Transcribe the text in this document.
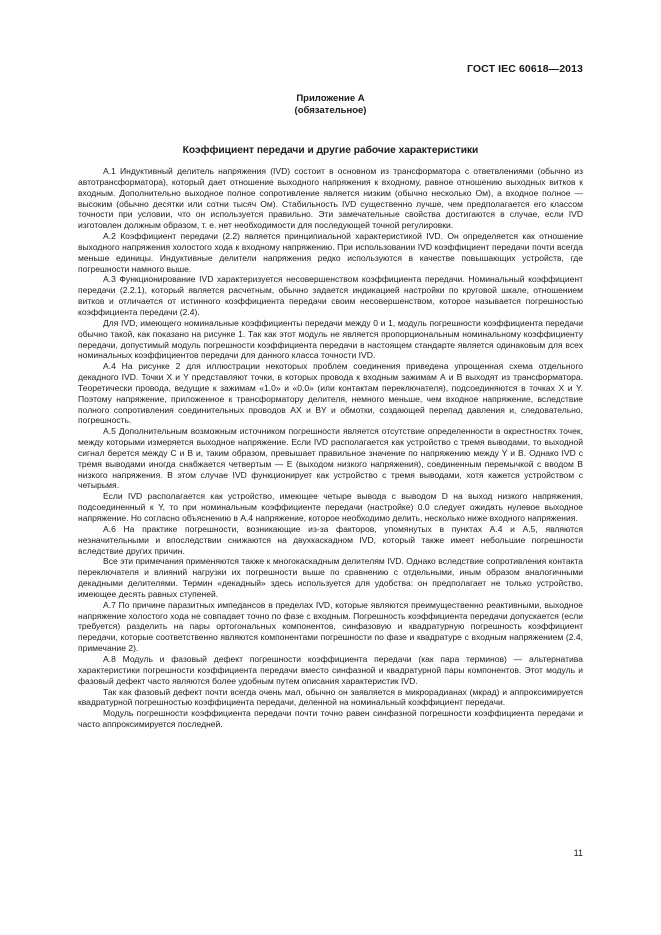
ГОСТ IEC 60618—2013
Приложение А
(обязательное)
Коэффициент передачи и другие рабочие характеристики

А.1 Индуктивный делитель напряжения (IVD) состоит в основном из трансформатора с ответвлениями (обычно из автотрансформатора), который дает отношение выходного напряжения к входному, равное отношению выходных витков к входным. Дополнительно выходное полное сопротивление является низким (обычно несколько Ом), а входное полное — высоким (обычно десятки или сотни тысяч Ом). Стабильность IVD существенно лучше, чем предполагается его классом точности при условии, что он используется правильно. Эти замечательные свойства достигаются в случае, если IVD изготовлен должным образом, т. е. нет необходимости для последующей точной регулировки.

А.2 Коэффициент передачи (2.2) является принципиальной характеристикой IVD. Он определяется как отношение выходного напряжения холостого хода к входному напряжению. При использовании IVD коэффициент передачи почти всегда меньше единицы. Индуктивные делители напряжения редко используются в качестве повышающих устройств, где погрешности намного выше.

А.3 Функционирование IVD характеризуется несовершенством коэффициента передачи. Номинальный коэффициент передачи (2.2.1), который является расчетным, обычно задается индикацией настройки по круговой шкале, отношением витков и отличается от истинного коэффициента передачи своим несовершенством, которое называется погрешностью коэффициента передачи (2.4).

Для IVD, имеющего номинальные коэффициенты передачи между 0 и 1, модуль погрешности коэффициента передачи обычно такой, как показано на рисунке 1. Так как этот модуль не является пропорциональным номинальному коэффициенту передачи, допустимый модуль погрешности коэффициента передачи в настоящем стандарте является одинаковым для всех номинальных коэффициентов передачи для данного класса точности IVD.

А.4 На рисунке 2 для иллюстрации некоторых проблем соединения приведена упрощенная схема отдельного декадного IVD. Точки X и Y представляют точки, в которых провода к входным зажимам А и В выходят из трансформатора. Теоретически провода, ведущие к зажимам «1.0» и «0.0» (или контактам переключателя), подсоединяются в точках X и Y. Поэтому напряжение, приложенное к трансформатору делителя, немного меньше, чем входное напряжение, вследствие полного сопротивления соединительных проводов AX и BY и обмотки, создающей перепад давления и, следовательно, погрешность.

А.5 Дополнительным возможным источником погрешности является отсутствие определенности в окрестностях точек, между которыми измеряется выходное напряжение. Если IVD располагается как устройство с тремя выводами, то выходной сигнал берется между С и В и, таким образом, превышает правильное значение по напряжению между Y и В. Однако IVD с тремя выводами иногда снабжается четвертым — Е (выходом низкого напряжения), соединенным перемычкой с вводом В низкого напряжения. В этом случае IVD функционирует как устройство с тремя выводами, хотя кажется устройством с четырьмя.

Если IVD располагается как устройство, имеющее четыре вывода с выводом D на выход низкого напряжения, подсоединенный к Y, то при номинальным коэффициенте передачи (настройке) 0.0 следует ожидать нулевое выходное напряжение. Но согласно объяснению в А.4 напряжение, которое необходимо делить, несколько ниже входного напряжения.

А.6 На практике погрешности, возникающие из-за факторов, упомянутых в пунктах А.4 и А.5, являются незначительными и впоследствии снижаются на двухкаскадном IVD, который также имеет небольшие погрешности вследствие других причин.

Все эти примечания применяются также к многокаскадным делителям IVD. Однако вследствие сопротивления контакта переключателя и влияний нагрузки их погрешности выше по сравнению с отдельными, иным образом аналогичными декадными делителями. Термин «декадный» здесь используется для удобства: он предполагает не только устройство, имеющее десять равных ступеней.

А.7 По причине паразитных импедансов в пределах IVD, которые являются преимущественно реактивными, выходное напряжение холостого хода не совпадает точно по фазе с входным. Погрешность коэффициента передачи допускается (если требуется) разделить на пары ортогональных компонентов, синфазовую и квадратурную погрешность коэффициент передачи, которые соответственно являются компонентами погрешности по фазе и квадратуре с входным напряжением (2.4, примечание 2).

А.8 Модуль и фазовый дефект погрешности коэффициента передачи (как пара терминов) — альтернатива характеристики погрешности коэффициента передачи вместо синфазной и квадратурной пары компонентов. Этот модуль и фазовый дефект часто являются более удобным путем описания характеристик IVD.

Так как фазовый дефект почти всегда очень мал, обычно он заявляется в микрорадианах (мкрад) и аппроксимируется квадратурной погрешностью коэффициента передачи, деленной на номинальный коэффициент передачи.

Модуль погрешности коэффициента передачи почти точно равен синфазной погрешности коэффициента передачи и часто аппроксимируется последней.

11
